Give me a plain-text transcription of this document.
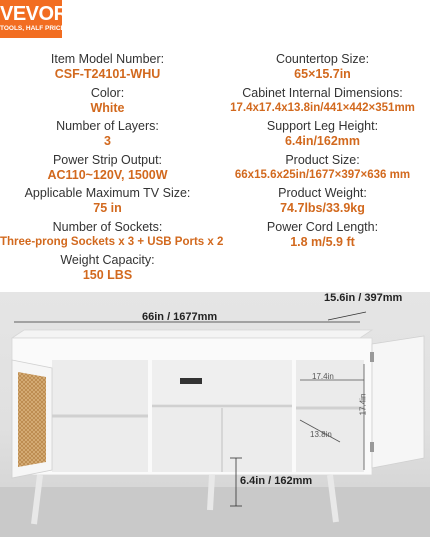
VEVOR
TOOLS, HALF PRICE
Item Model Number:
CSF-T24101-WHU
Color:
White
Number of Layers:
3
Power Strip Output:
AC110~120V, 1500W
Applicable Maximum TV Size:
75 in
Number of Sockets:
Three-prong Sockets x 3 + USB Ports x 2
Weight Capacity:
150 LBS
Countertop Size:
65×15.7in
Cabinet Internal Dimensions:
17.4x17.4x13.8in/441×442×351mm
Support Leg Height:
6.4in/162mm
Product Size:
66x15.6x25in/1677×397×636 mm
Product Weight:
74.7lbs/33.9kg
Power Cord Length:
1.8 m/5.9 ft
66in / 1677mm
15.6in / 397mm
17.4in
17.4in
13.8in
6.4in / 162mm
